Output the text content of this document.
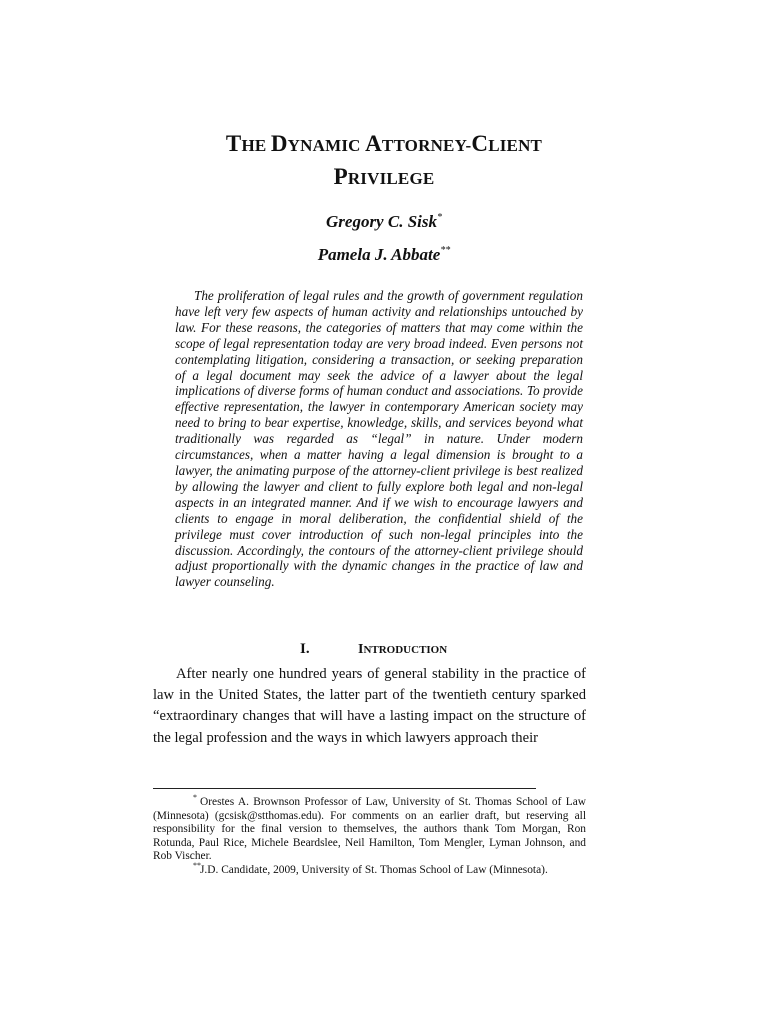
THE DYNAMIC ATTORNEY-CLIENT
PRIVILEGE
Gregory C. Sisk*
Pamela J. Abbate**
The proliferation of legal rules and the growth of government regulation have left very few aspects of human activity and relationships untouched by law. For these reasons, the categories of matters that may come within the scope of legal representation today are very broad indeed. Even persons not contemplating litigation, considering a transaction, or seeking preparation of a legal document may seek the advice of a lawyer about the legal implications of diverse forms of human conduct and associations. To provide effective representation, the lawyer in contemporary American society may need to bring to bear expertise, knowledge, skills, and services beyond what traditionally was regarded as “legal” in nature. Under modern circumstances, when a matter having a legal dimension is brought to a lawyer, the animating purpose of the attorney-client privilege is best realized by allowing the lawyer and client to fully explore both legal and non-legal aspects in an integrated manner. And if we wish to encourage lawyers and clients to engage in moral deliberation, the confidential shield of the privilege must cover introduction of such non-legal principles into the discussion. Accordingly, the contours of the attorney-client privilege should adjust proportionally with the dynamic changes in the practice of law and lawyer counseling.
I.	INTRODUCTION
After nearly one hundred years of general stability in the practice of law in the United States, the latter part of the twentieth century sparked “extraordinary changes that will have a lasting impact on the structure of the legal profession and the ways in which lawyers approach their

* Orestes A. Brownson Professor of Law, University of St. Thomas School of Law (Minnesota) (gcsisk@stthomas.edu). For comments on an earlier draft, but reserving all responsibility for the final version to themselves, the authors thank Tom Morgan, Ron Rotunda, Paul Rice, Michele Beardslee, Neil Hamilton, Tom Mengler, Lyman Johnson, and Rob Vischer.

**J.D. Candidate, 2009, University of St. Thomas School of Law (Minnesota).
